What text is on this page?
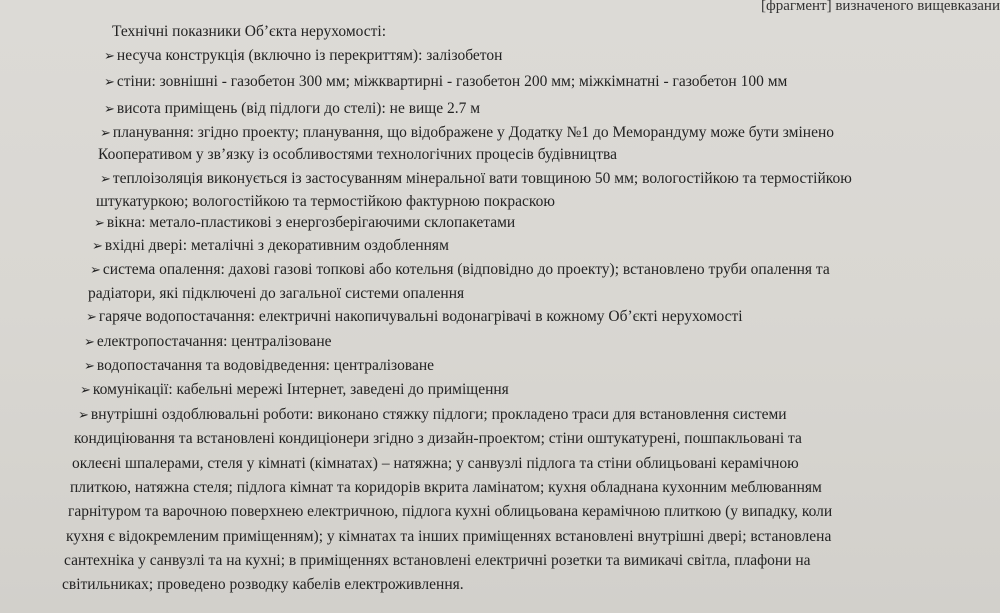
[фрагмент] визначеного вищевказани
Технічні показники Об’єкта нерухомості:
➢ несуча конструкція (включно із перекриттям): залізобетон
➢ стіни: зовнішні - газобетон 300 мм; міжквартирні - газобетон 200 мм; міжкімнатні - газобетон 100 мм
➢ висота приміщень (від підлоги до стелі): не вище 2.7 м
➢ планування: згідно проекту; планування, що відображене у Додатку №1 до Меморандуму може бути змінено
Кооперативом у зв’язку із особливостями технологічних процесів будівництва
➢ теплоізоляція виконується із застосуванням мінеральної вати товщиною 50 мм; вологостійкою та термостійкою
штукатуркою; вологостійкою та термостійкою фактурною покраскою
➢ вікна: метало-пластикові з енергозберігаючими склопакетами
➢ вхідні двері: металічні з декоративним оздобленням
➢ система опалення: дахові газові топкові або котельня (відповідно до проекту); встановлено труби опалення та
радіатори, які підключені до загальної системи опалення
➢ гаряче водопостачання: електричні накопичувальні водонагрівачі в кожному Об’єкті нерухомості
➢ електропостачання: централізоване
➢ водопостачання та водовідведення: централізоване
➢ комунікації: кабельні мережі Інтернет, заведені до приміщення
➢ внутрішні оздоблювальні роботи: виконано стяжку підлоги; прокладено траси для встановлення системи
кондиціювання та встановлені кондиціонери згідно з дизайн-проектом; стіни оштукатурені, пошпакльовані та
оклеєні шпалерами, стеля у кімнаті (кімнатах) – натяжна; у санвузлі підлога та стіни облицьовані керамічною
плиткою, натяжна стеля; підлога кімнат та коридорів вкрита ламінатом; кухня обладнана кухонним меблюванням
гарнітуром та варочною поверхнею електричною, підлога кухні облицьована керамічною плиткою (у випадку, коли
кухня є відокремленим приміщенням); у кімнатах та інших приміщеннях встановлені внутрішні двері; встановлена
сантехніка у санвузлі та на кухні; в приміщеннях встановлені електричні розетки та вимикачі світла, плафони на
світильниках; проведено розводку кабелів електроживлення.
